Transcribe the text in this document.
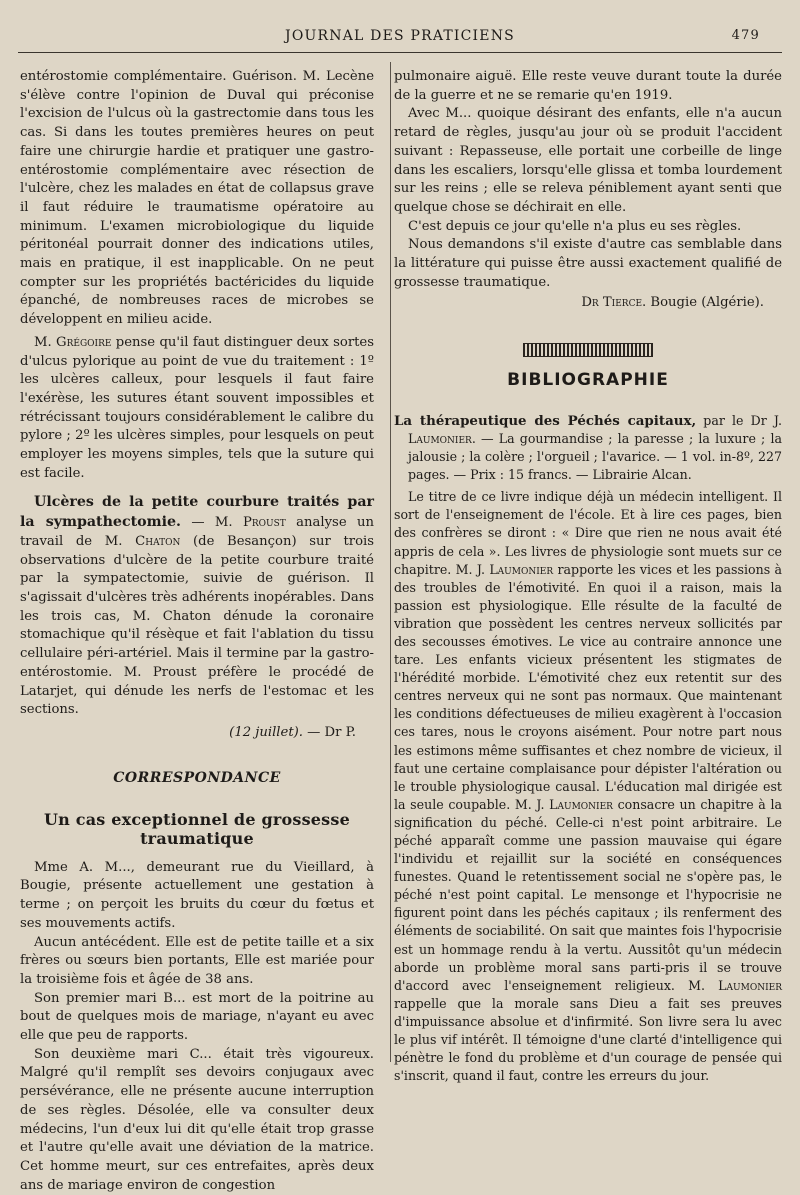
JOURNAL DES PRATICIENS	479

entérostomie complémentaire. Guérison. M. Lecène s'élève contre l'opinion de Duval qui préconise l'excision de l'ulcus où la gastrectomie dans tous les cas. Si dans les toutes premières heures on peut faire une chirurgie hardie et pratiquer une gastro-entérostomie complémentaire avec résection de l'ulcère, chez les malades en état de collapsus grave il faut réduire le traumatisme opératoire au minimum. L'examen microbiologique du liquide péritonéal pourrait donner des indications utiles, mais en pratique, il est inapplicable. On ne peut compter sur les propriétés bactéricides du liquide épanché, de nombreuses races de microbes se développent en milieu acide.

M. Grégoire pense qu'il faut distinguer deux sortes d'ulcus pylorique au point de vue du traitement : 1º les ulcères calleux, pour lesquels il faut faire l'exérèse, les sutures étant souvent impossibles et rétrécissant toujours considérablement le calibre du pylore ; 2º les ulcères simples, pour lesquels on peut employer les moyens simples, tels que la suture qui est facile.

Ulcères de la petite courbure traités par la sympathectomie. — M. Proust analyse un travail de M. Chaton (de Besançon) sur trois observations d'ulcère de la petite courbure traité par la sympatectomie, suivie de guérison. Il s'agissait d'ulcères très adhérents inopérables. Dans les trois cas, M. Chaton dénude la coronaire stomachique qu'il résèque et fait l'ablation du tissu cellulaire péri-artériel. Mais il termine par la gastro-entérostomie. M. Proust préfère le procédé de Latarjet, qui dénude les nerfs de l'estomac et les sections.

(12 juillet). — Dr P.

CORRESPONDANCE
Un cas exceptionnel de grossesse traumatique

Mme A. M..., demeurant rue du Vieillard, à Bougie, présente actuellement une gestation à terme ; on perçoit les bruits du cœur du fœtus et ses mouvements actifs.

Aucun antécédent. Elle est de petite taille et a six frères ou sœurs bien portants, Elle est mariée pour la troisième fois et âgée de 38 ans.

Son premier mari B... est mort de la poitrine au bout de quelques mois de mariage, n'ayant eu avec elle que peu de rapports.

Son deuxième mari C... était très vigoureux. Malgré qu'il remplît ses devoirs conjugaux avec persévérance, elle ne présente aucune interruption de ses règles. Désolée, elle va consulter deux médecins, l'un d'eux lui dit qu'elle était trop grasse et l'autre qu'elle avait une déviation de la matrice. Cet homme meurt, sur ces entrefaites, après deux ans de mariage environ de congestion

pulmonaire aiguë. Elle reste veuve durant toute la durée de la guerre et ne se remarie qu'en 1919.

Avec M... quoique désirant des enfants, elle n'a aucun retard de règles, jusqu'au jour où se produit l'accident suivant : Repasseuse, elle portait une corbeille de linge dans les escaliers, lorsqu'elle glissa et tomba lourdement sur les reins ; elle se releva péniblement ayant senti que quelque chose se déchirait en elle.

C'est depuis ce jour qu'elle n'a plus eu ses règles.

Nous demandons s'il existe d'autre cas semblable dans la littérature qui puisse être aussi exactement qualifié de grossesse traumatique.

Dr Tierce. Bougie (Algérie).

BIBLIOGRAPHIE

La thérapeutique des Péchés capitaux, par le Dr J. Laumonier. — La gourmandise ; la paresse ; la luxure ; la jalousie ; la colère ; l'orgueil ; l'avarice. — 1 vol. in-8º, 227 pages. — Prix : 15 francs. — Librairie Alcan.

Le titre de ce livre indique déjà un médecin intelligent. Il sort de l'enseignement de l'école. Et à lire ces pages, bien des confrères se diront : « Dire que rien ne nous avait été appris de cela ». Les livres de physiologie sont muets sur ce chapitre. M. J. Laumonier rapporte les vices et les passions à des troubles de l'émotivité. En quoi il a raison, mais la passion est physiologique. Elle résulte de la faculté de vibration que possèdent les centres nerveux sollicités par des secousses émotives. Le vice au contraire annonce une tare. Les enfants vicieux présentent les stigmates de l'hérédité morbide. L'émotivité chez eux retentit sur des centres nerveux qui ne sont pas normaux. Que maintenant les conditions défectueuses de milieu exagèrent à l'occasion ces tares, nous le croyons aisément. Pour notre part nous les estimons même suffisantes et chez nombre de vicieux, il faut une certaine complaisance pour dépister l'altération ou le trouble physiologique causal. L'éducation mal dirigée est la seule coupable. M. J. Laumonier consacre un chapitre à la signification du péché. Celle-ci n'est point arbitraire. Le péché apparaît comme une passion mauvaise qui égare l'individu et rejaillit sur la société en conséquences funestes. Quand le retentissement social ne s'opère pas, le péché n'est point capital. Le mensonge et l'hypocrisie ne figurent point dans les péchés capitaux ; ils renferment des éléments de sociabilité. On sait que maintes fois l'hypocrisie est un hommage rendu à la vertu. Aussitôt qu'un médecin aborde un problème moral sans parti-pris il se trouve d'accord avec l'enseignement religieux. M. Laumonier rappelle que la morale sans Dieu a fait ses preuves d'impuissance absolue et d'infirmité. Son livre sera lu avec le plus vif intérêt. Il témoigne d'une clarté d'intelligence qui pénètre le fond du problème et d'un courage de pensée qui s'inscrit, quand il faut, contre les erreurs du jour.
